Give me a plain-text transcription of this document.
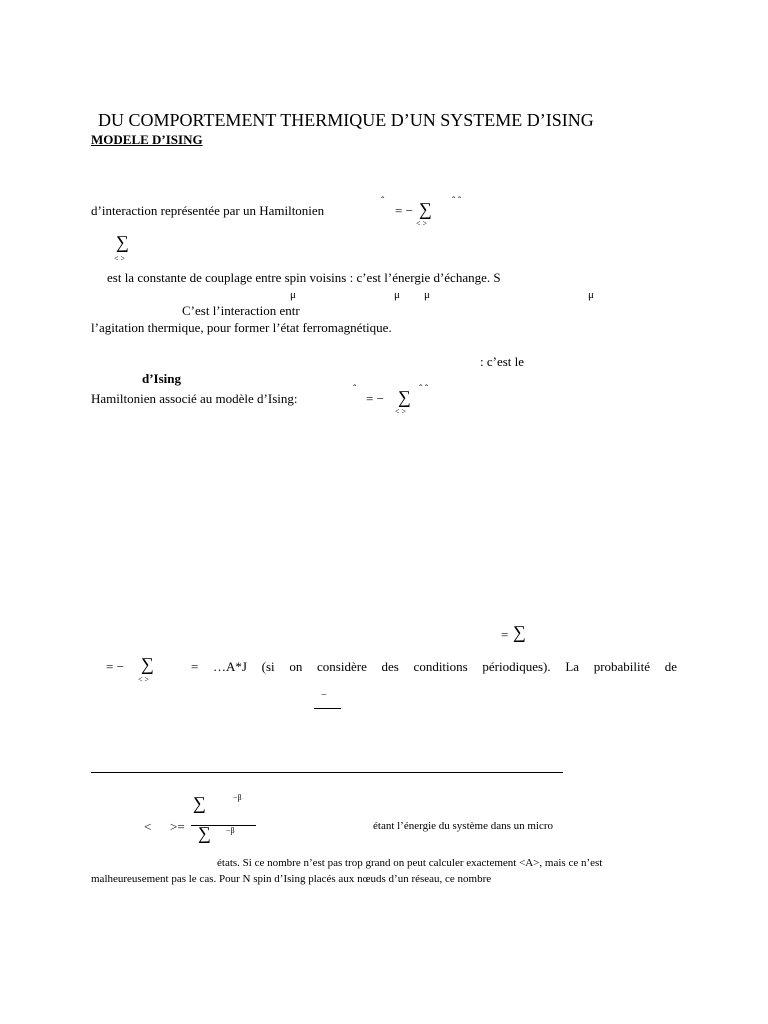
DU COMPORTEMENT THERMIQUE D’UN SYSTEME D’ISING
MODELE D’ISING
d’interaction représentée par un Hamiltonien
ˆ
= − ∑ ˆ ˆ
< >
∑
< >
est la constante de couplage entre spin voisins : c’est l’énergie d’échange. S
μ	μ μ	μ
C’est l’interaction entr
l’agitation thermique, pour former l’état ferromagnétique.
: c’est le
d’Ising
Hamiltonien associé au modèle d’Ising:
ˆ
= − ∑ ˆ ˆ
< >
= ∑
= − ∑
< >
= …A*J (si on considère des conditions périodiques). La probabilité de
−
∑	−β
< >= ∑ −β	étant l’énergie du système dans un micro
états. Si ce nombre n’est pas trop grand on peut calculer exactement <A>, mais ce n’est
malheureusement pas le cas. Pour N spin d’Ising placés aux nœuds d’un réseau, ce nombre
